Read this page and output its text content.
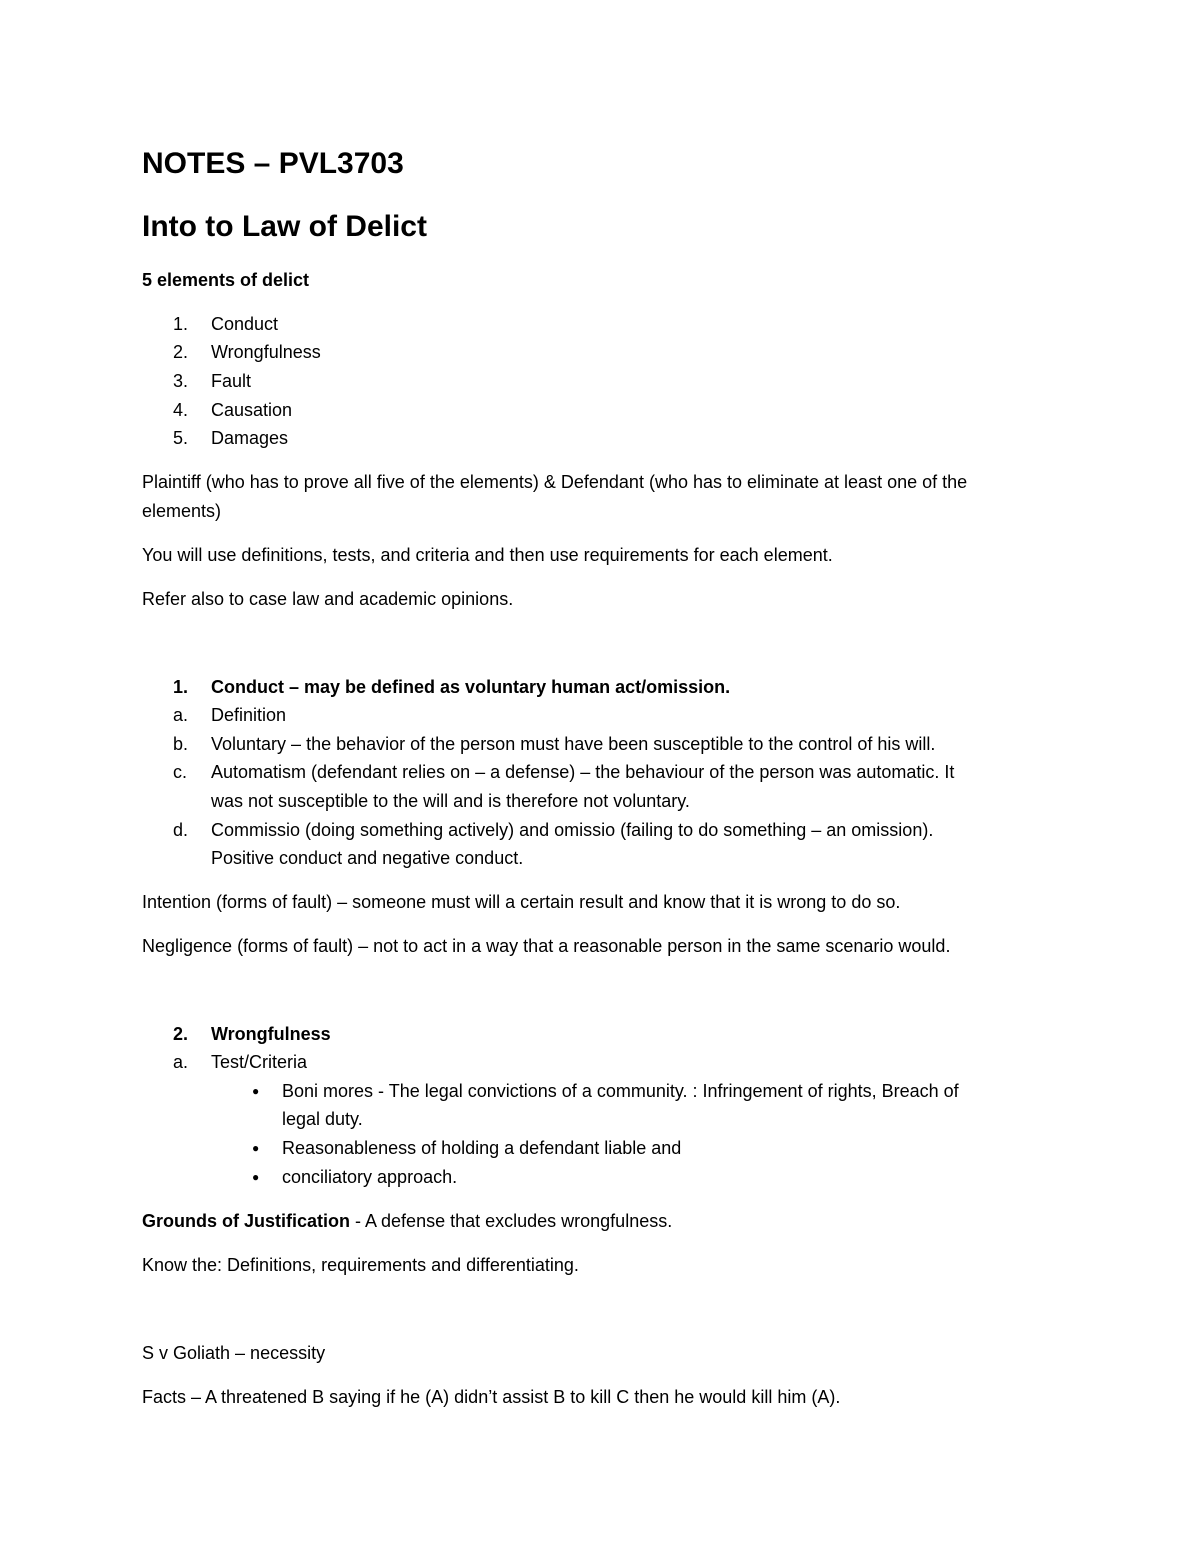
NOTES – PVL3703
Into to Law of Delict
5 elements of delict
1. Conduct
2. Wrongfulness
3. Fault
4. Causation
5. Damages
Plaintiff (who has to prove all five of the elements) & Defendant (who has to eliminate at least one of the
elements)
You will use definitions, tests, and criteria and then use requirements for each element.
Refer also to case law and academic opinions.
1. Conduct – may be defined as voluntary human act/omission.
a. Definition
b. Voluntary – the behavior of the person must have been susceptible to the control of his will.
c. Automatism (defendant relies on – a defense) – the behaviour of the person was automatic. It
was not susceptible to the will and is therefore not voluntary.
d. Commissio (doing something actively) and omissio (failing to do something – an omission).
Positive conduct and negative conduct.
Intention (forms of fault) – someone must will a certain result and know that it is wrong to do so.
Negligence (forms of fault) – not to act in a way that a reasonable person in the same scenario would.
2. Wrongfulness
a. Test/Criteria
● Boni mores - The legal convictions of a community. : Infringement of rights, Breach of
legal duty.
● Reasonableness of holding a defendant liable and
● conciliatory approach.
Grounds of Justification - A defense that excludes wrongfulness.
Know the: Definitions, requirements and differentiating.
S v Goliath – necessity
Facts – A threatened B saying if he (A) didn’t assist B to kill C then he would kill him (A).
